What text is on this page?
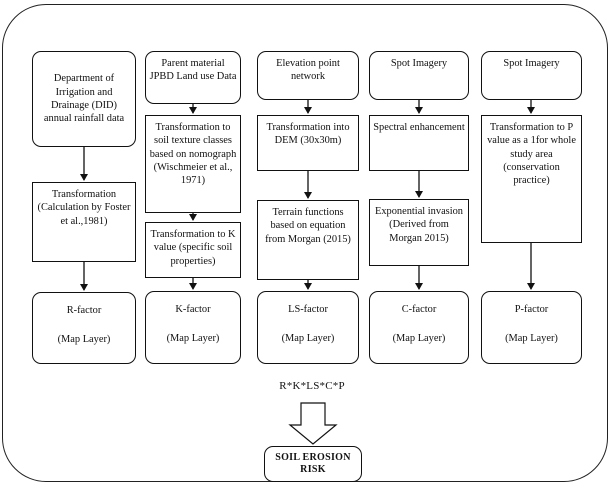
Department of Irrigation and Drainage (DID) annual rainfall data
Transformation (Calculation by Foster et al.,1981)
R-factor
(Map Layer)
Parent material JPBD Land use Data
Transformation to soil texture classes based on nomograph (Wischmeier et al., 1971)
Transformation to K value (specific soil properties)
K-factor
(Map Layer)
Elevation point network
Transformation into DEM (30x30m)
Terrain functions based on equation from Morgan (2015)
LS-factor
(Map Layer)
Spot Imagery
Spectral enhancement
Exponential invasion (Derived from Morgan 2015)
C-factor
(Map Layer)
Spot Imagery
Transformation to P value as a 1for whole study area (conservation practice)
P-factor
(Map Layer)
R*K*LS*C*P
SOIL EROSION
RISK
